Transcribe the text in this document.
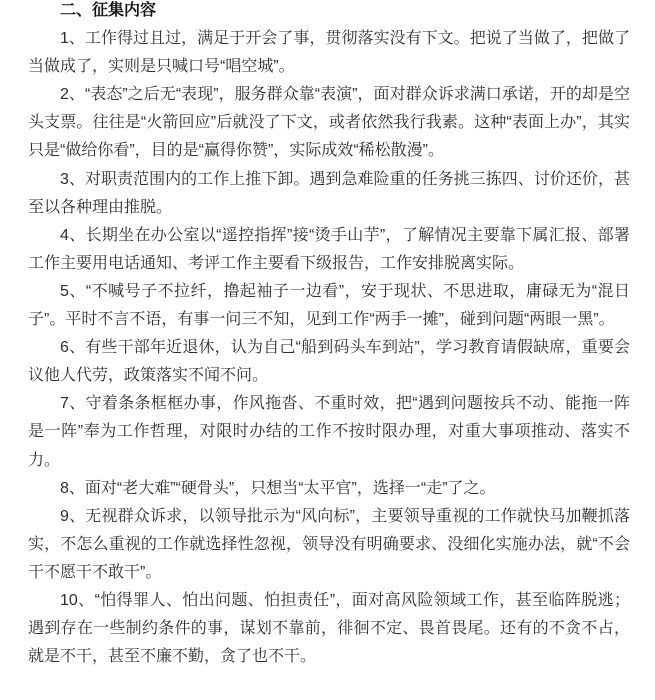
二、征集内容

1、工作得过且过，满足于开会了事，贯彻落实没有下文。把说了当做了，把做了当做成了，实则是只喊口号“唱空城”。

2、“表态”之后无“表现”，服务群众靠“表演”，面对群众诉求满口承诺，开的却是空头支票。往往是“火箭回应”后就没了下文，或者依然我行我素。这种“表面上办”，其实只是“做给你看”，目的是“赢得你赞”，实际成效“稀松散漫”。

3、对职责范围内的工作上推下卸。遇到急难险重的任务挑三拣四、讨价还价，甚至以各种理由推脱。

4、长期坐在办公室以“遥控指挥”接“烫手山芋”，了解情况主要靠下属汇报、部署工作主要用电话通知、考评工作主要看下级报告，工作安排脱离实际。

5、“不喊号子不拉纤，撸起袖子一边看”，安于现状、不思进取，庸碌无为“混日子”。平时不言不语，有事一问三不知，见到工作“两手一摊”，碰到问题“两眼一黑”。

6、有些干部年近退休，认为自己“船到码头车到站”，学习教育请假缺席，重要会议他人代劳，政策落实不闻不问。

7、守着条条框框办事，作风拖沓、不重时效，把“遇到问题按兵不动、能拖一阵是一阵”奉为工作哲理，对限时办结的工作不按时限办理，对重大事项推动、落实不力。

8、面对“老大难”“硬骨头”，只想当“太平官”，选择一“走”了之。

9、无视群众诉求，以领导批示为“风向标”，主要领导重视的工作就快马加鞭抓落实，不怎么重视的工作就选择性忽视，领导没有明确要求、没细化实施办法，就“不会干不愿干不敢干”。

10、“怕得罪人、怕出问题、怕担责任”，面对高风险领域工作，甚至临阵脱逃；遇到存在一些制约条件的事，谋划不靠前，徘徊不定、畏首畏尾。还有的不贪不占，就是不干，甚至不廉不勤，贪了也不干。
